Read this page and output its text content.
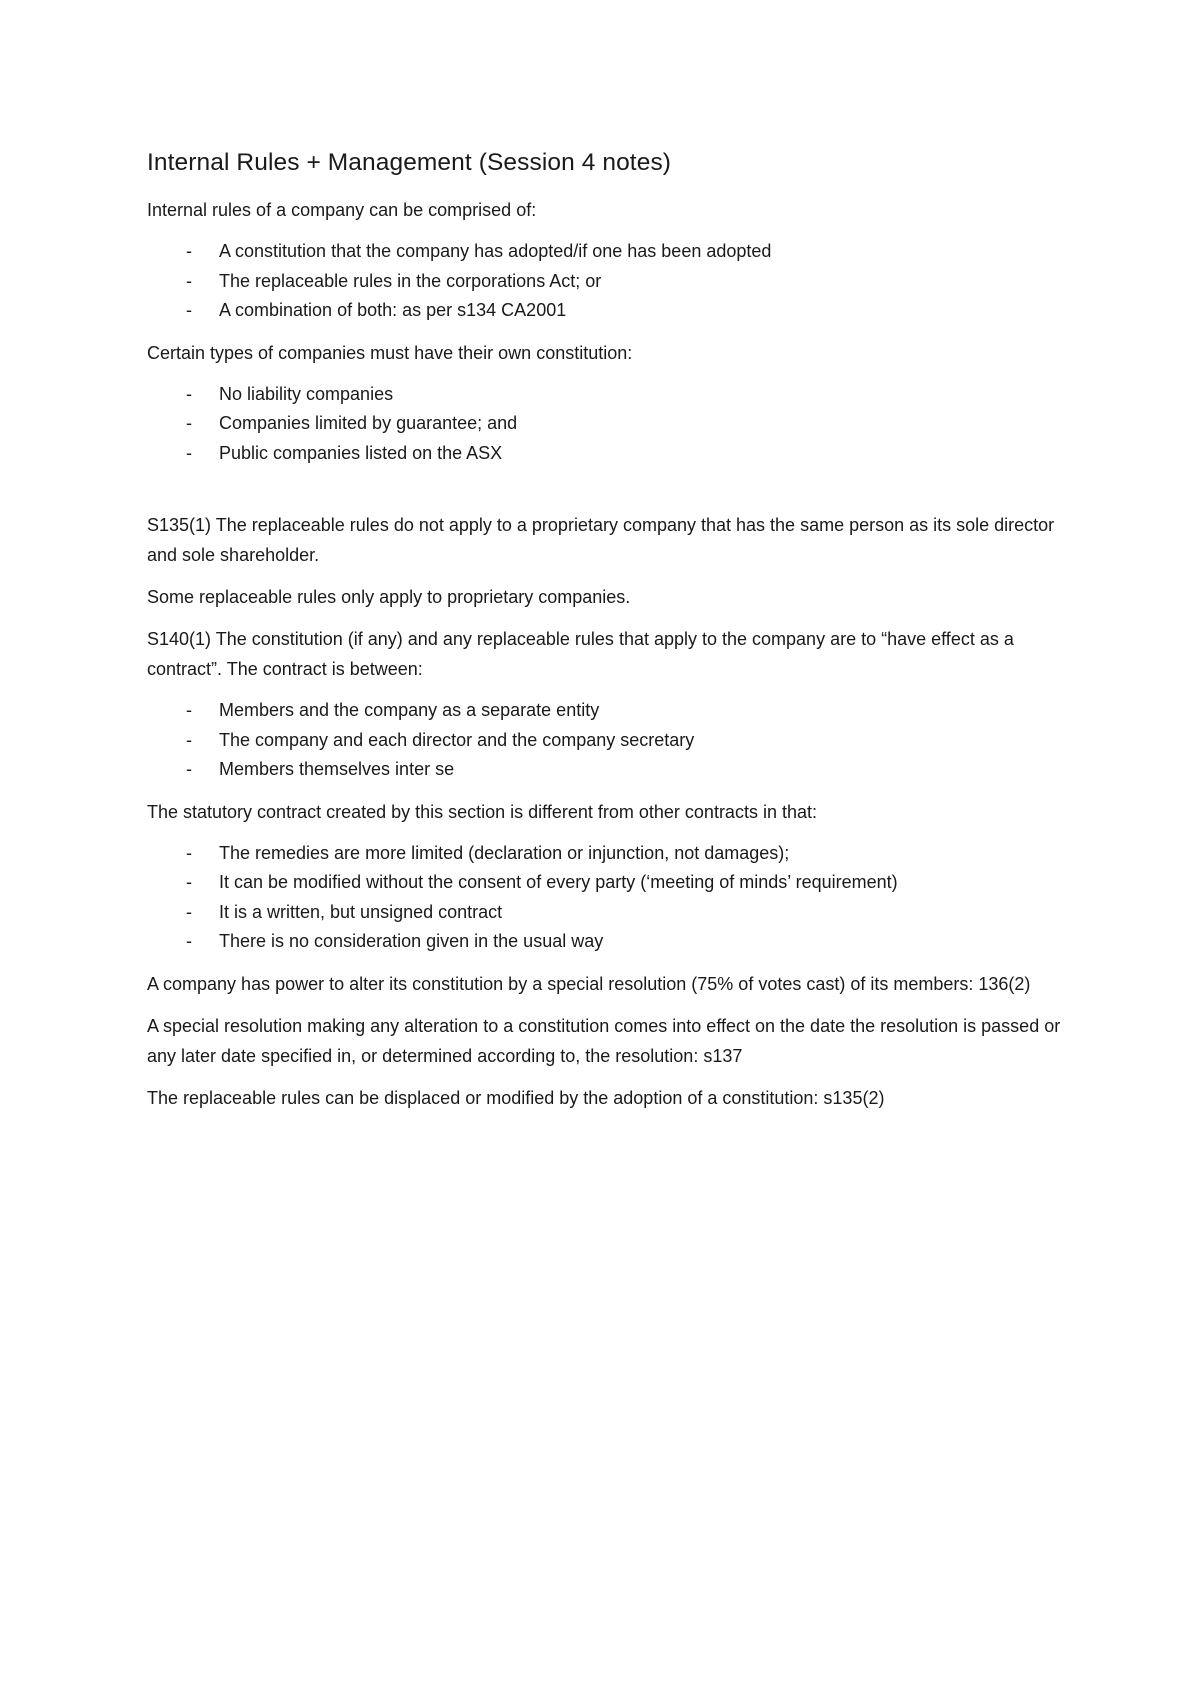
Internal Rules + Management (Session 4 notes)

Internal rules of a company can be comprised of:

- A constitution that the company has adopted/if one has been adopted
- The replaceable rules in the corporations Act; or
- A combination of both: as per s134 CA2001

Certain types of companies must have their own constitution:

- No liability companies
- Companies limited by guarantee; and
- Public companies listed on the ASX

S135(1) The replaceable rules do not apply to a proprietary company that has the same person as its sole director and sole shareholder.

Some replaceable rules only apply to proprietary companies.

S140(1) The constitution (if any) and any replaceable rules that apply to the company are to “have effect as a contract”. The contract is between:

- Members and the company as a separate entity
- The company and each director and the company secretary
- Members themselves inter se

The statutory contract created by this section is different from other contracts in that:

- The remedies are more limited (declaration or injunction, not damages);
- It can be modified without the consent of every party (‘meeting of minds’ requirement)
- It is a written, but unsigned contract
- There is no consideration given in the usual way

A company has power to alter its constitution by a special resolution (75% of votes cast) of its members: 136(2)

A special resolution making any alteration to a constitution comes into effect on the date the resolution is passed or any later date specified in, or determined according to, the resolution: s137

The replaceable rules can be displaced or modified by the adoption of a constitution: s135(2)
